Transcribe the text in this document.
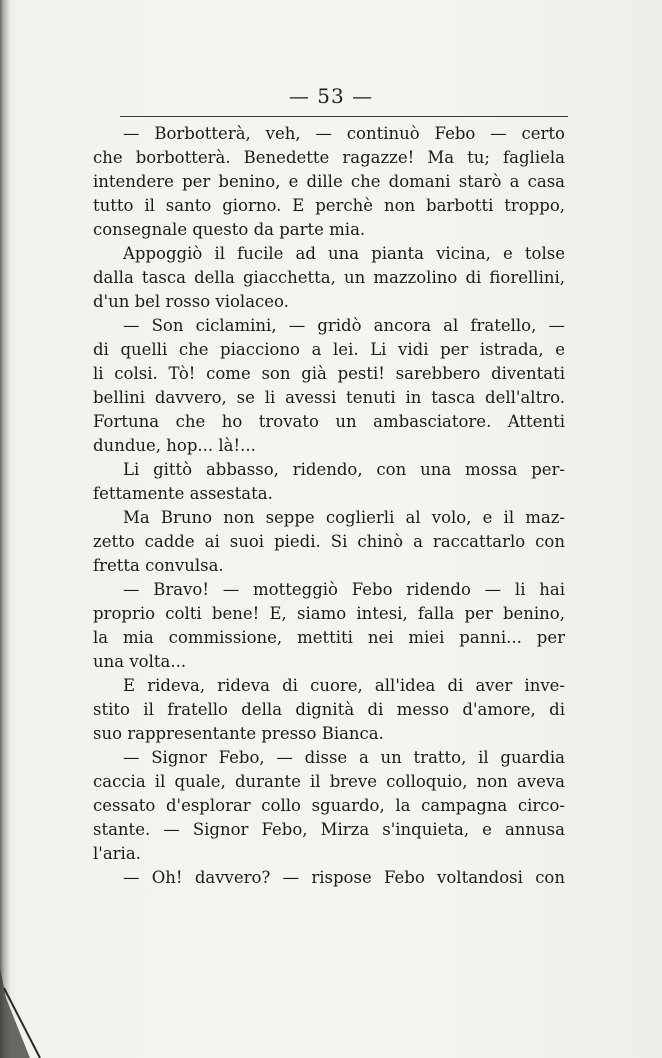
— 53 —
— Borbotterà, veh, — continuò Febo — certo
che borbotterà. Benedette ragazze! Ma tu; fagliela
intendere per benino, e dille che domani starò a casa
tutto il santo giorno. E perchè non barbotti troppo,
consegnale questo da parte mia.
Appoggiò il fucile ad una pianta vicina, e tolse
dalla tasca della giacchetta, un mazzolino di fiorellini,
d'un bel rosso violaceo.
— Son ciclamini, — gridò ancora al fratello, —
di quelli che piacciono a lei. Li vidi per istrada, e
li colsi. Tò! come son già pesti! sarebbero diventati
bellini davvero, se li avessi tenuti in tasca dell'altro.
Fortuna che ho trovato un ambasciatore. Attenti
dundue, hop... là!...
Li gittò abbasso, ridendo, con una mossa per-
fettamente assestata.
Ma Bruno non seppe coglierli al volo, e il maz-
zetto cadde ai suoi piedi. Si chinò a raccattarlo con
fretta convulsa.
— Bravo! — motteggiò Febo ridendo — li hai
proprio colti bene! E, siamo intesi, falla per benino,
la mia commissione, mettiti nei miei panni... per
una volta...
E rideva, rideva di cuore, all'idea di aver inve-
stito il fratello della dignità di messo d'amore, di
suo rappresentante presso Bianca.
— Signor Febo, — disse a un tratto, il guardia
caccia il quale, durante il breve colloquio, non aveva
cessato d'esplorar collo sguardo, la campagna circo-
stante. — Signor Febo, Mirza s'inquieta, e annusa
l'aria.
— Oh! davvero? — rispose Febo voltandosi con
